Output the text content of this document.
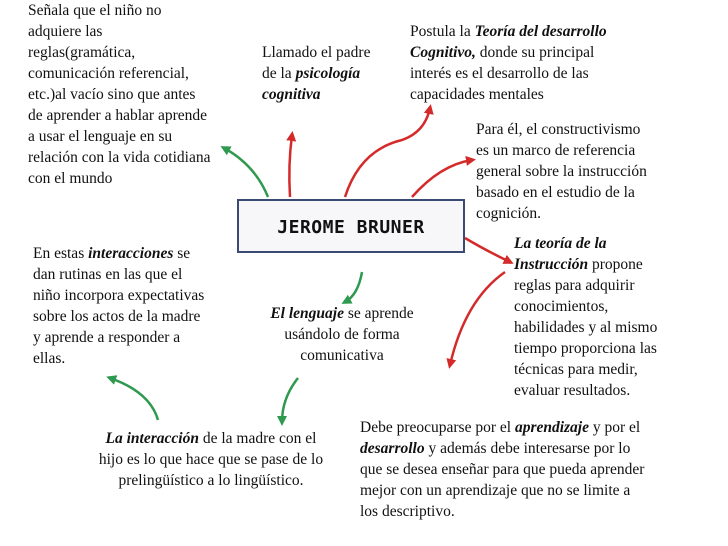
JEROME BRUNER
Señala que el niño no
adquiere las
reglas(gramática,
comunicación referencial,
etc.)al vacío sino que antes
de aprender a hablar aprende
a usar el lenguaje en su
relación con la vida cotidiana
con el mundo
Llamado el padre
de la psicología
cognitiva
Postula la Teoría del desarrollo
Cognitivo, donde su principal
interés es el desarrollo de las
capacidades mentales
Para él, el constructivismo
es un marco de referencia
general sobre la instrucción
basado en el estudio de la
cognición.
La teoría de la
Instrucción propone
reglas para adquirir
conocimientos,
habilidades y al mismo
tiempo proporciona las
técnicas para medir,
evaluar resultados.
En estas interacciones se
dan rutinas en las que el
niño incorpora expectativas
sobre los actos de la madre
y aprende a responder a
ellas.
El lenguaje se aprende
usándolo de forma
comunicativa
La interacción de la madre con el
hijo es lo que hace que se pase de lo
prelingüístico a lo lingüístico.
Debe preocuparse por el aprendizaje y por el
desarrollo y además debe interesarse por lo
que se desea enseñar para que pueda aprender
mejor con un aprendizaje que no se limite a
los descriptivo.
